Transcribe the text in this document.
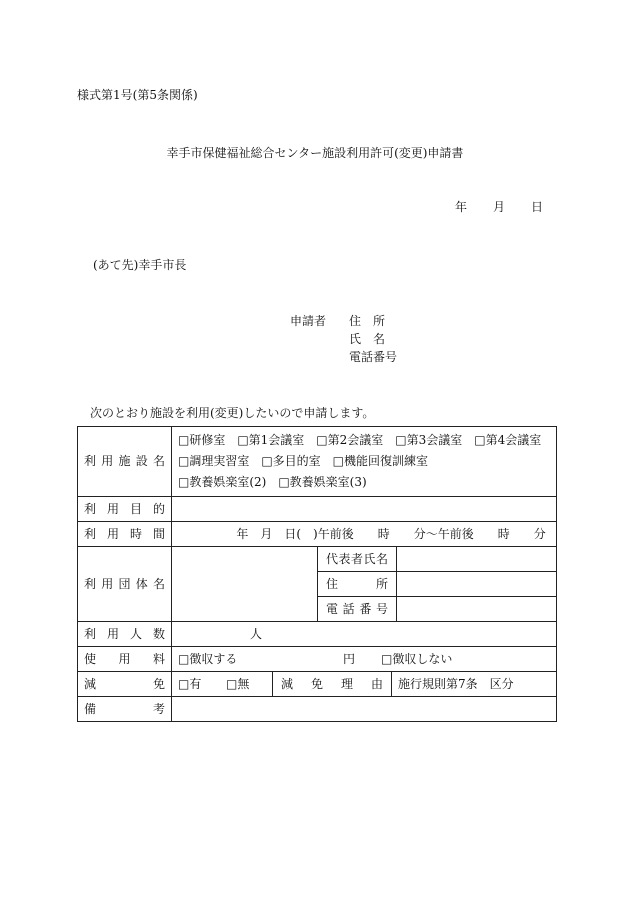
様式第1号(第5条関係)
幸手市保健福祉総合センター施設利用許可(変更)申請書
年 月 日
(あて先)幸手市長
申請者 住　所
氏　名
電話番号
次のとおり施設を利用(変更)したいので申請します。
利用施設名	□研修室　□第1会議室　□第2会議室　□第3会議室　□第4会議室
□調理実習室　□多目的室　□機能回復訓練室
□教養娯楽室(2)　□教養娯楽室(3)				

利用目的					
利用時間	年　月　日(　)午前後　　時　　分〜午前後　　時　　分				
利用団体名			代表者氏名		
			住所		
			電話番号		
利用人数	人				
使用料	□徴収する 円 □徴収しない				
減免	□有 □無	減免理由		施行規則第7条　区分	
備考					
